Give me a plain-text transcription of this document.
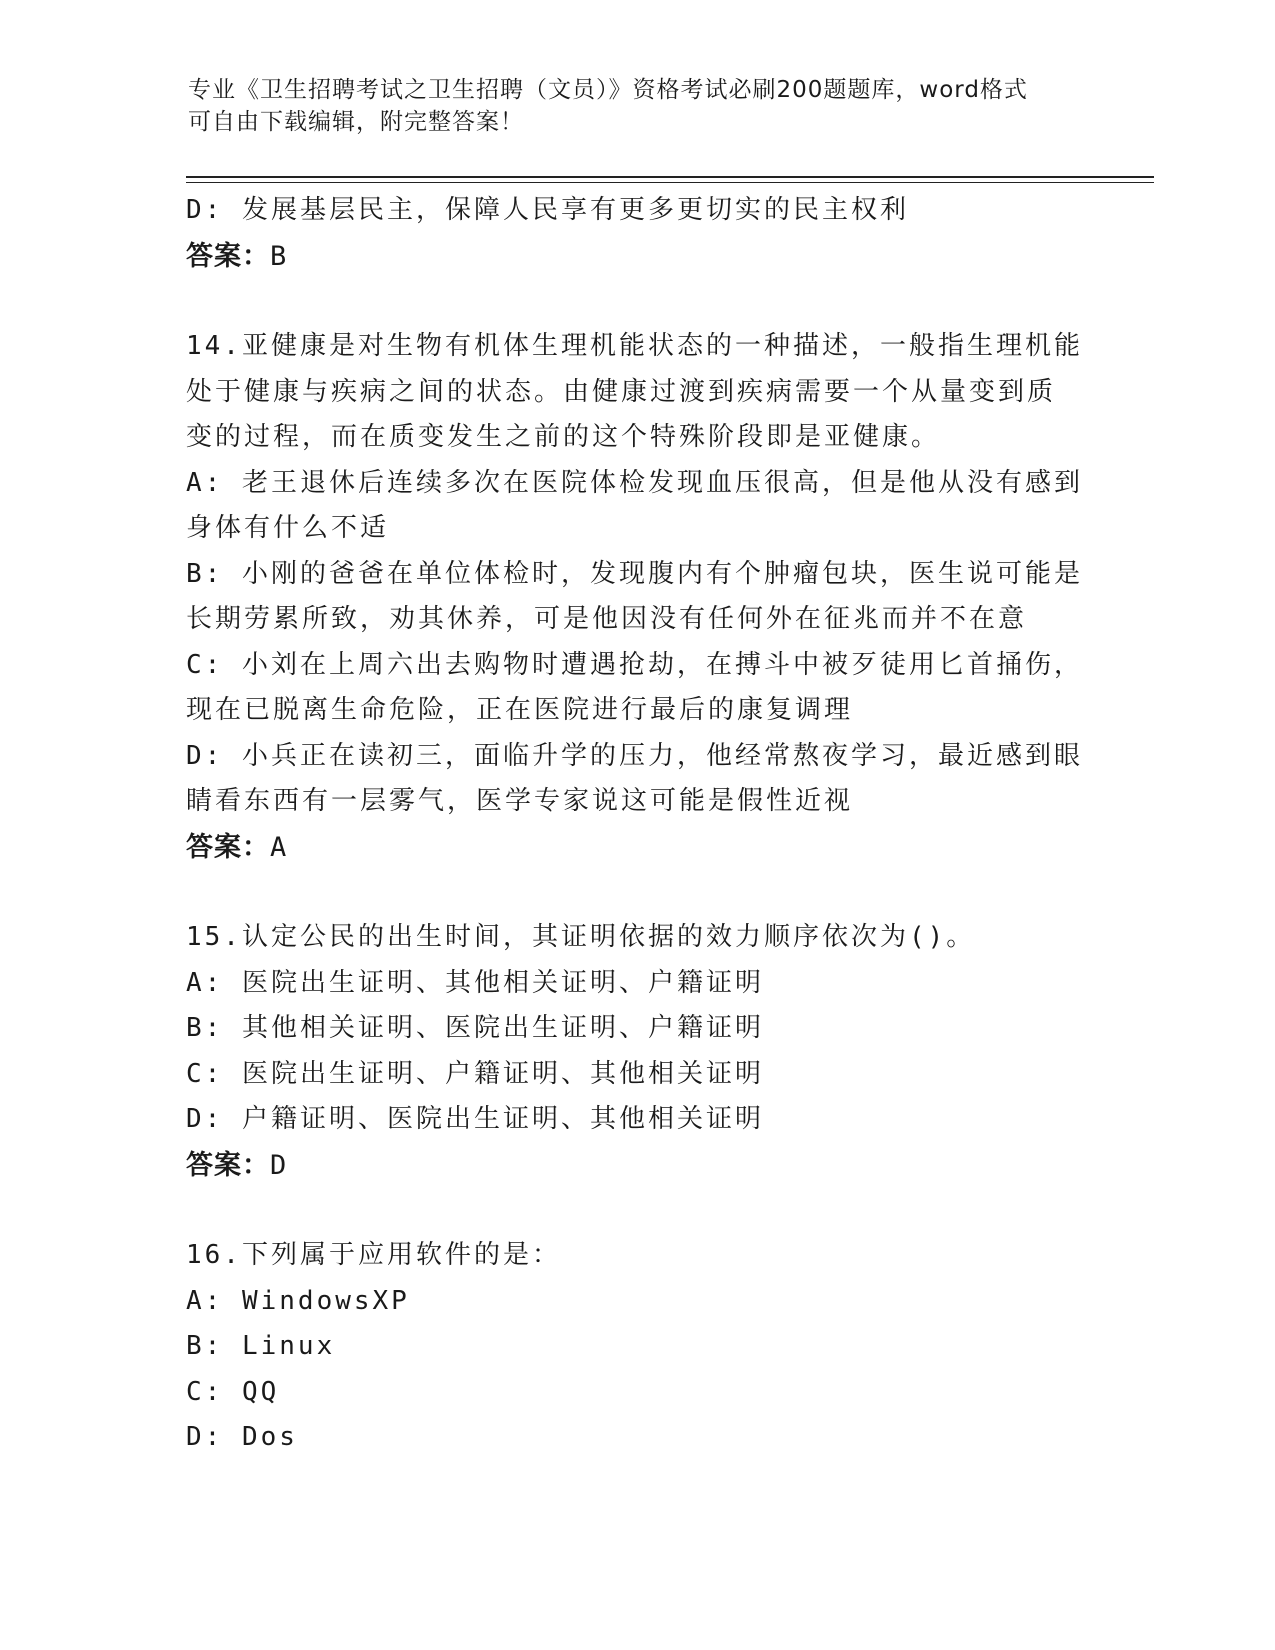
专业《卫生招聘考试之卫生招聘（文员）》资格考试必刷200题题库，word格式
可自由下载编辑，附完整答案！
D: 发展基层民主，保障人民享有更多更切实的民主权利
答案：B
14.亚健康是对生物有机体生理机能状态的一种描述，一般指生理机能
处于健康与疾病之间的状态。由健康过渡到疾病需要一个从量变到质
变的过程，而在质变发生之前的这个特殊阶段即是亚健康。
A: 老王退休后连续多次在医院体检发现血压很高，但是他从没有感到
身体有什么不适
B: 小刚的爸爸在单位体检时，发现腹内有个肿瘤包块，医生说可能是
长期劳累所致，劝其休养，可是他因没有任何外在征兆而并不在意
C: 小刘在上周六出去购物时遭遇抢劫，在搏斗中被歹徒用匕首捅伤，
现在已脱离生命危险，正在医院进行最后的康复调理
D: 小兵正在读初三，面临升学的压力，他经常熬夜学习，最近感到眼
睛看东西有一层雾气，医学专家说这可能是假性近视
答案：A
15.认定公民的出生时间，其证明依据的效力顺序依次为()。
A: 医院出生证明、其他相关证明、户籍证明
B: 其他相关证明、医院出生证明、户籍证明
C: 医院出生证明、户籍证明、其他相关证明
D: 户籍证明、医院出生证明、其他相关证明
答案：D
16.下列属于应用软件的是：
A: WindowsXP
B: Linux
C: QQ
D: Dos
